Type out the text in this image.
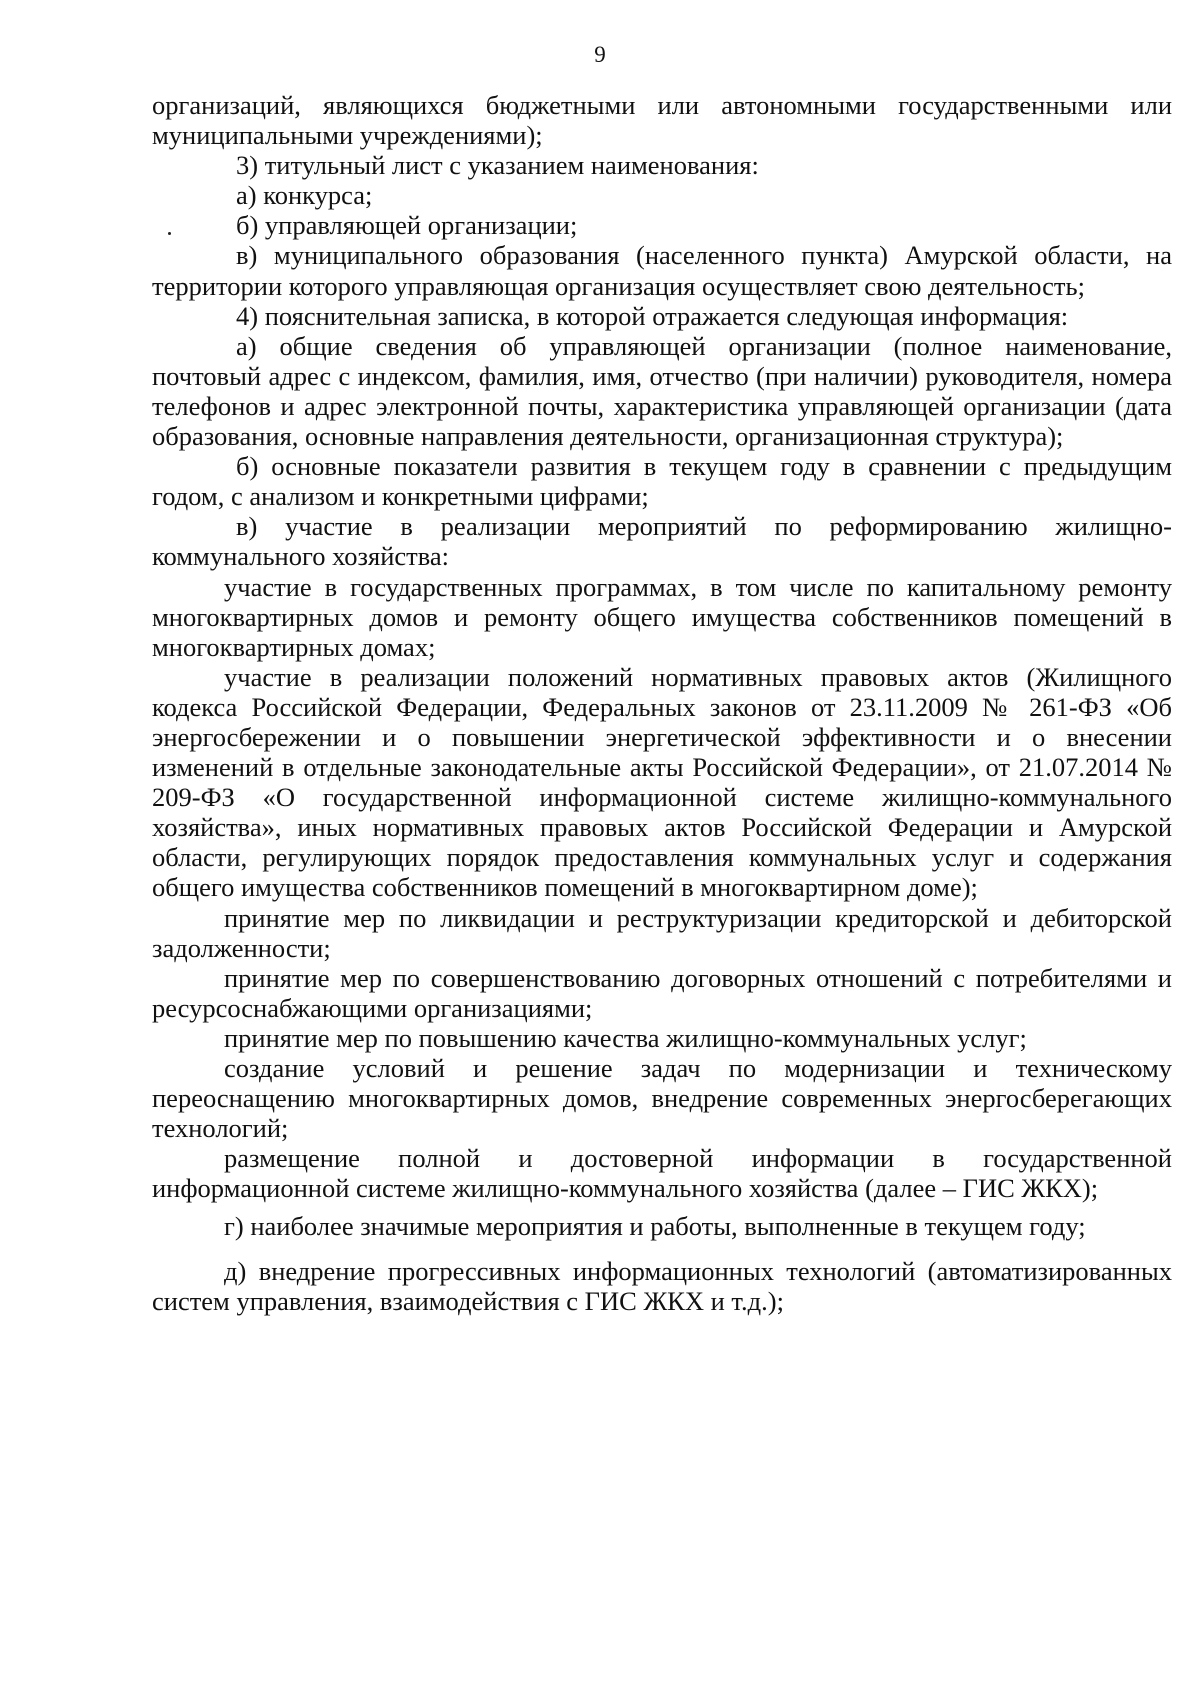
9

организаций, являющихся бюджетными или автономными государственными или муниципальными учреждениями);

3) титульный лист с указанием наименования:

а) конкурса;

б) управляющей организации;

в) муниципального образования (населенного пункта) Амурской области, на территории которого управляющая организация осуществляет свою деятельность;

4) пояснительная записка, в которой отражается следующая информация:

а) общие сведения об управляющей организации (полное наименование, почтовый адрес с индексом, фамилия, имя, отчество (при наличии) руководителя, номера телефонов и адрес электронной почты, характеристика управляющей организации (дата образования, основные направления деятельности, организационная структура);

б) основные показатели развития в текущем году в сравнении с предыдущим годом, с анализом и конкретными цифрами;

в) участие в реализации мероприятий по реформированию жилищно-коммунального хозяйства:

участие в государственных программах, в том числе по капитальному ремонту многоквартирных домов и ремонту общего имущества собственников помещений в многоквартирных домах;

участие в реализации положений нормативных правовых актов (Жилищного кодекса Российской Федерации, Федеральных законов от 23.11.2009 № 261-ФЗ «Об энергосбережении и о повышении энергетической эффективности и о внесении изменений в отдельные законодательные акты Российской Федерации», от 21.07.2014 № 209-ФЗ «О государственной информационной системе жилищно-коммунального хозяйства», иных нормативных правовых актов Российской Федерации и Амурской области, регулирующих порядок предоставления коммунальных услуг и содержания общего имущества собственников помещений в многоквартирном доме);

принятие мер по ликвидации и реструктуризации кредиторской и дебиторской задолженности;

принятие мер по совершенствованию договорных отношений с потребителями и ресурсоснабжающими организациями;

принятие мер по повышению качества жилищно-коммунальных услуг;

создание условий и решение задач по модернизации и техническому переоснащению многоквартирных домов, внедрение современных энергосберегающих технологий;

размещение полной и достоверной информации в государственной информационной системе жилищно-коммунального хозяйства (далее – ГИС ЖКХ);

г) наиболее значимые мероприятия и работы, выполненные в текущем году;

д) внедрение прогрессивных информационных технологий (автоматизированных систем управления, взаимодействия с ГИС ЖКХ и т.д.);
